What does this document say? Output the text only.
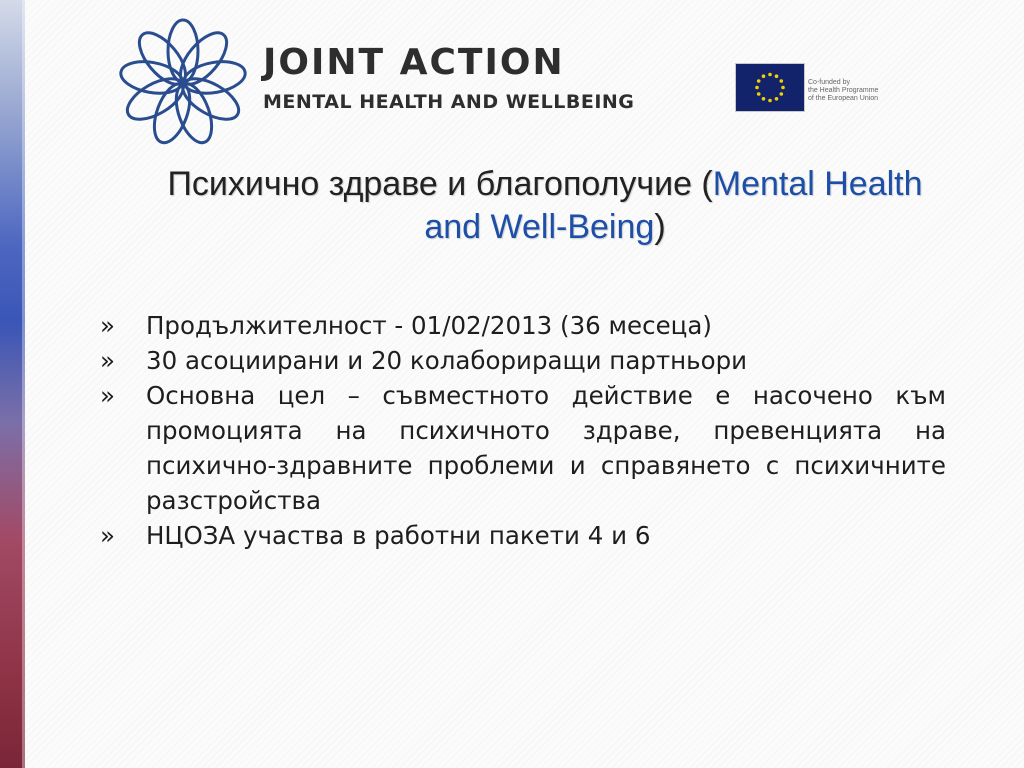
JOINT ACTION
MENTAL HEALTH AND WELLBEING
Co-funded by
the Health Programme
of the European Union
Психично здраве и благополучие (Mental Health and Well-Being)
» Продължителност - 01/02/2013 (36 месеца)
» 30 асоциирани и 20 колабориращи партньори
» Основна цел – съвместното действие е насочено към промоцията на психичното здраве, превенцията на психично-здравните проблеми и справянето с психичните разстройства
» НЦОЗА участва в работни пакети 4 и 6
